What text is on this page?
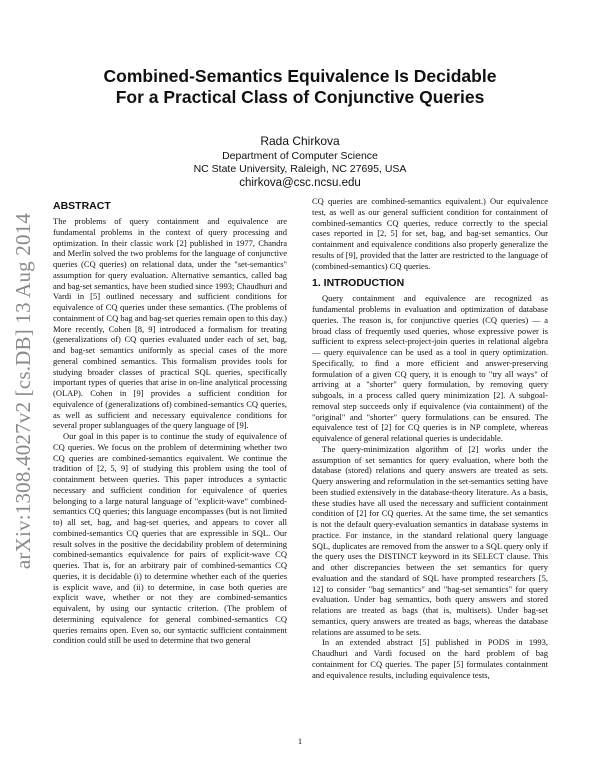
Combined-Semantics Equivalence Is Decidable
For a Practical Class of Conjunctive Queries
Rada Chirkova
Department of Computer Science
NC State University, Raleigh, NC 27695, USA
chirkova@csc.ncsu.edu
arXiv:1308.4027v2 [cs.DB] 13 Aug 2014
ABSTRACT

The problems of query containment and equivalence are fundamental problems in the context of query processing and optimization. In their classic work [2] published in 1977, Chandra and Merlin solved the two problems for the language of conjunctive queries (CQ queries) on relational data, under the "set-semantics" assumption for query evaluation. Alternative semantics, called bag and bag-set semantics, have been studied since 1993; Chaudhuri and Vardi in [5] outlined necessary and sufficient conditions for equivalence of CQ queries under these semantics. (The problems of containment of CQ bag and bag-set queries remain open to this day.) More recently, Cohen [8, 9] introduced a formalism for treating (generalizations of) CQ queries evaluated under each of set, bag, and bag-set semantics uniformly as special cases of the more general combined semantics. This formalism provides tools for studying broader classes of practical SQL queries, specifically important types of queries that arise in on-line analytical processing (OLAP). Cohen in [9] provides a sufficient condition for equivalence of (generalizations of) combined-semantics CQ queries, as well as sufficient and necessary equivalence conditions for several proper sublanguages of the query language of [9].

Our goal in this paper is to continue the study of equivalence of CQ queries. We focus on the problem of determining whether two CQ queries are combined-semantics equivalent. We continue the tradition of [2, 5, 9] of studying this problem using the tool of containment between queries. This paper introduces a syntactic necessary and sufficient condition for equivalence of queries belonging to a large natural language of "explicit-wave" combined-semantics CQ queries; this language encompasses (but is not limited to) all set, bag, and bag-set queries, and appears to cover all combined-semantics CQ queries that are expressible in SQL. Our result solves in the positive the decidability problem of determining combined-semantics equivalence for pairs of explicit-wave CQ queries. That is, for an arbitrary pair of combined-semantics CQ queries, it is decidable (i) to determine whether each of the queries is explicit wave, and (ii) to determine, in case both queries are explicit wave, whether or not they are combined-semantics equivalent, by using our syntactic criterion. (The problem of determining equivalence for general combined-semantics CQ queries remains open. Even so, our syntactic sufficient containment condition could still be used to determine that two general

CQ queries are combined-semantics equivalent.) Our equivalence test, as well as our general sufficient condition for containment of combined-semantics CQ queries, reduce correctly to the special cases reported in [2, 5] for set, bag, and bag-set semantics. Our containment and equivalence conditions also properly generalize the results of [9], provided that the latter are restricted to the language of (combined-semantics) CQ queries.

1. INTRODUCTION

Query containment and equivalence are recognized as fundamental problems in evaluation and optimization of database queries. The reason is, for conjunctive queries (CQ queries) — a broad class of frequently used queries, whose expressive power is sufficient to express select-project-join queries in relational algebra — query equivalence can be used as a tool in query optimization. Specifically, to find a more efficient and answer-preserving formulation of a given CQ query, it is enough to "try all ways" of arriving at a "shorter" query formulation, by removing query subgoals, in a process called query minimization [2]. A subgoal-removal step succeeds only if equivalence (via containment) of the "original" and "shorter" query formulations can be ensured. The equivalence test of [2] for CQ queries is in NP complete, whereas equivalence of general relational queries is undecidable.

The query-minimization algorithm of [2] works under the assumption of set semantics for query evaluation, where both the database (stored) relations and query answers are treated as sets. Query answering and reformulation in the set-semantics setting have been studied extensively in the database-theory literature. As a basis, these studies have all used the necessary and sufficient containment condition of [2] for CQ queries. At the same time, the set semantics is not the default query-evaluation semantics in database systems in practice. For instance, in the standard relational query language SQL, duplicates are removed from the answer to a SQL query only if the query uses the DISTINCT keyword in its SELECT clause. This and other discrepancies between the set semantics for query evaluation and the standard of SQL have prompted researchers [5, 12] to consider "bag semantics" and "bag-set semantics" for query evaluation. Under bag semantics, both query answers and stored relations are treated as bags (that is, multisets). Under bag-set semantics, query answers are treated as bags, whereas the database relations are assumed to be sets.

In an extended abstract [5] published in PODS in 1993, Chaudhuri and Vardi focused on the hard problem of bag containment for CQ queries. The paper [5] formulates containment and equivalence results, including equivalence tests,

1
